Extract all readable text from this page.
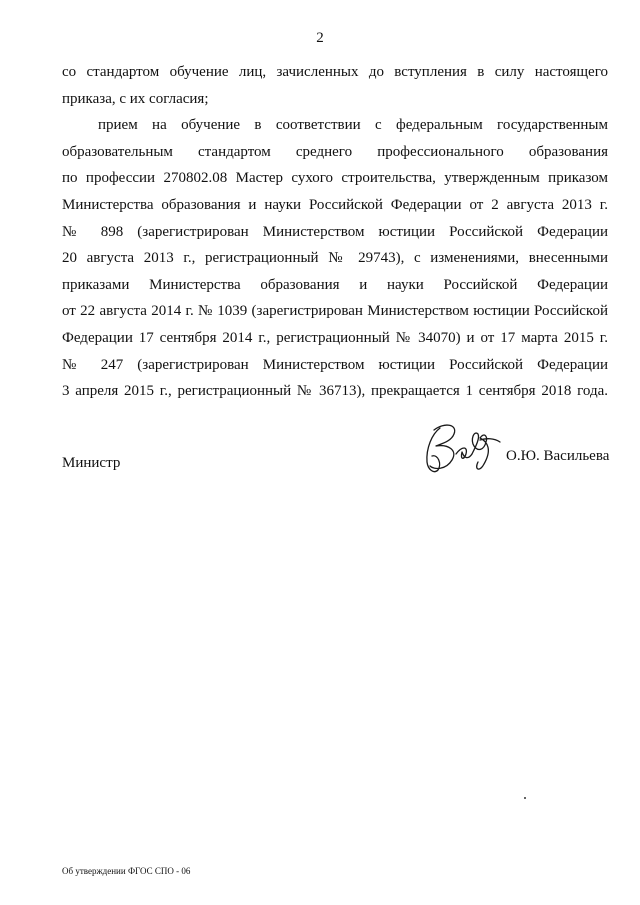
2
со стандартом обучение лиц, зачисленных до вступления в силу настоящего
приказа, с их согласия;
прием на обучение в соответствии с федеральным государственным
образовательным стандартом среднего профессионального образования
по профессии 270802.08 Мастер сухого строительства, утвержденным приказом
Министерства образования и науки Российской Федерации от 2 августа 2013 г.
№ 898 (зарегистрирован Министерством юстиции Российской Федерации
20 августа 2013 г., регистрационный № 29743), с изменениями, внесенными
приказами Министерства образования и науки Российской Федерации
от 22 августа 2014 г. № 1039 (зарегистрирован Министерством юстиции Российской
Федерации 17 сентября 2014 г., регистрационный № 34070) и от 17 марта 2015 г.
№ 247 (зарегистрирован Министерством юстиции Российской Федерации
3 апреля 2015 г., регистрационный № 36713), прекращается 1 сентября 2018 года.
Министр	О.Ю. Васильева
Об утверждении ФГОС СПО - 06
